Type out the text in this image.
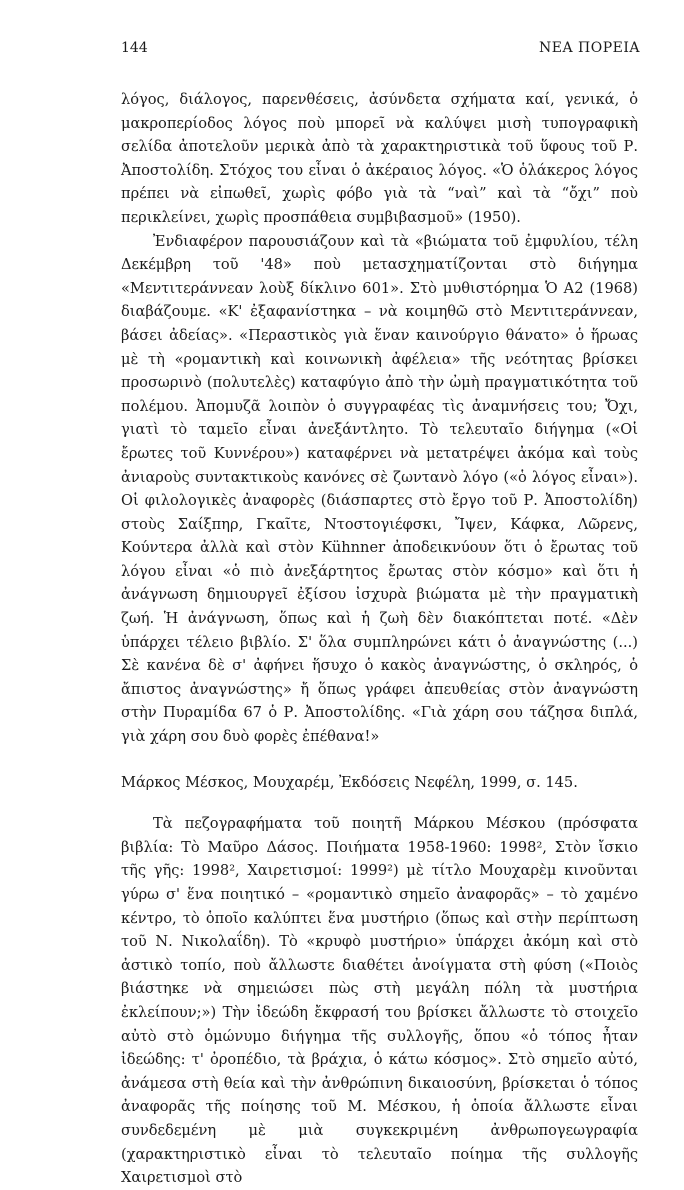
144	ΝΕΑ ΠΟΡΕΙΑ

λόγος, διάλογος, παρενθέσεις, ἀσύνδετα σχήματα καί, γενικά, ὁ μακροπερίοδος λόγος ποὺ μπορεῖ νὰ καλύψει μισὴ τυπογραφικὴ σελίδα ἀποτελοῦν μερικὰ ἀπὸ τὰ χαρακτηριστικὰ τοῦ ὕφους τοῦ Ρ. Ἀποστολίδη. Στόχος του εἶναι ὁ ἀκέραιος λόγος. «Ὁ ὁλάκερος λόγος πρέπει νὰ εἰπωθεῖ, χωρὶς φόβο γιὰ τὰ “ναὶ” καὶ τὰ “ὄχι” ποὺ περικλείνει, χωρὶς προσπάθεια συμβιβασμοῦ» (1950).

Ἐνδιαφέρον παρουσιάζουν καὶ τὰ «βιώματα τοῦ ἐμφυλίου, τέλη Δεκέμβρη τοῦ '48» ποὺ μετασχηματίζονται στὸ διήγημα «Μεντιτεράννεαν λοὺξ δίκλινο 601». Στὸ μυθιστόρημα Ὁ Α2 (1968) διαβάζουμε. «Κ' ἐξαφανίστηκα – νὰ κοιμηθῶ στὸ Μεντιτεράννεαν, βάσει ἀδείας». «Περαστικὸς γιὰ ἕναν καινούργιο θάνατο» ὁ ἥρωας μὲ τὴ «ρομαντικὴ καὶ κοινωνικὴ ἀφέλεια» τῆς νεότητας βρίσκει προσωρινὸ (πολυτελὲς) καταφύγιο ἀπὸ τὴν ὠμὴ πραγματικότητα τοῦ πολέμου. Ἀπομυζᾶ λοιπὸν ὁ συγγραφέας τὶς ἀναμνήσεις του; Ὄχι, γιατὶ τὸ ταμεῖο εἶναι ἀνεξάντλητο. Τὸ τελευταῖο διήγημα («Οἱ ἔρωτες τοῦ Κυννέρου») καταφέρνει νὰ μετατρέψει ἀκόμα καὶ τοὺς ἀνιαροὺς συντακτικοὺς κανόνες σὲ ζωντανὸ λόγο («ὁ λόγος εἶναι»). Οἱ φιλολογικὲς ἀναφορὲς (διάσπαρτες στὸ ἔργο τοῦ Ρ. Ἀποστολίδη) στοὺς Σαίξπηρ, Γκαῖτε, Ντοστογιέφσκι, Ἴψεν, Κάφκα, Λῶρενς, Κούντερα ἀλλὰ καὶ στὸν Kühnner ἀποδεικνύουν ὅτι ὁ ἔρωτας τοῦ λόγου εἶναι «ὁ πιὸ ἀνεξάρτητος ἔρωτας στὸν κόσμο» καὶ ὅτι ἡ ἀνάγνωση δημιουργεῖ ἐξίσου ἰσχυρὰ βιώματα μὲ τὴν πραγματικὴ ζωή. Ἡ ἀνάγνωση, ὅπως καὶ ἡ ζωὴ δὲν διακόπτεται ποτέ. «Δὲν ὑπάρχει τέλειο βιβλίο. Σ' ὅλα συμπληρώνει κάτι ὁ ἀναγνώστης (...) Σὲ κανένα δὲ σ' ἀφήνει ἥσυχο ὁ κακὸς ἀναγνώστης, ὁ σκληρός, ὁ ἄπιστος ἀναγνώστης» ἤ ὅπως γράφει ἀπευθείας στὸν ἀναγνώστη στὴν Πυραμίδα 67 ὁ Ρ. Ἀποστολίδης. «Γιὰ χάρη σου τάζησα διπλά, γιὰ χάρη σου δυὸ φορὲς ἐπέθανα!»

Μάρκος Μέσκος, Μουχαρέμ, Ἐκδόσεις Νεφέλη, 1999, σ. 145.

Τὰ πεζογραφήματα τοῦ ποιητῆ Μάρκου Μέσκου (πρόσφατα βιβλία: Τὸ Μαῦρο Δάσος. Ποιήματα 1958-1960: 1998², Στὸν ἴσκιο τῆς γῆς: 1998², Χαιρετισμοί: 1999²) μὲ τίτλο Μουχαρὲμ κινοῦνται γύρω σ' ἕνα ποιητικό – «ρομαντικὸ σημεῖο ἀναφορᾶς» – τὸ χαμένο κέντρο, τὸ ὁποῖο καλύπτει ἕνα μυστήριο (ὅπως καὶ στὴν περίπτωση τοῦ Ν. Νικολαΐδη). Τὸ «κρυφὸ μυστήριο» ὑπάρχει ἀκόμη καὶ στὸ ἀστικὸ τοπίο, ποὺ ἄλλωστε διαθέτει ἀνοίγματα στὴ φύση («Ποιὸς βιάστηκε νὰ σημειώσει πὼς στὴ μεγάλη πόλη τὰ μυστήρια ἐκλείπουν;») Τὴν ἰδεώδη ἔκφρασή του βρίσκει ἄλλωστε τὸ στοιχεῖο αὐτὸ στὸ ὁμώνυμο διήγημα τῆς συλλογῆς, ὅπου «ὁ τόπος ἦταν ἰδεώδης: τ' ὀροπέδιο, τὰ βράχια, ὁ κάτω κόσμος». Στὸ σημεῖο αὐτό, ἀνάμεσα στὴ θεία καὶ τὴν ἀνθρώπινη δικαιοσύνη, βρίσκεται ὁ τόπος ἀναφορᾶς τῆς ποίησης τοῦ Μ. Μέσκου, ἡ ὁποία ἄλλωστε εἶναι συνδεδεμένη μὲ μιὰ συγκεκριμένη ἀνθρωπογεωγραφία (χαρακτηριστικὸ εἶναι τὸ τελευταῖο ποίημα τῆς συλλογῆς Χαιρετισμοὶ στὸ
